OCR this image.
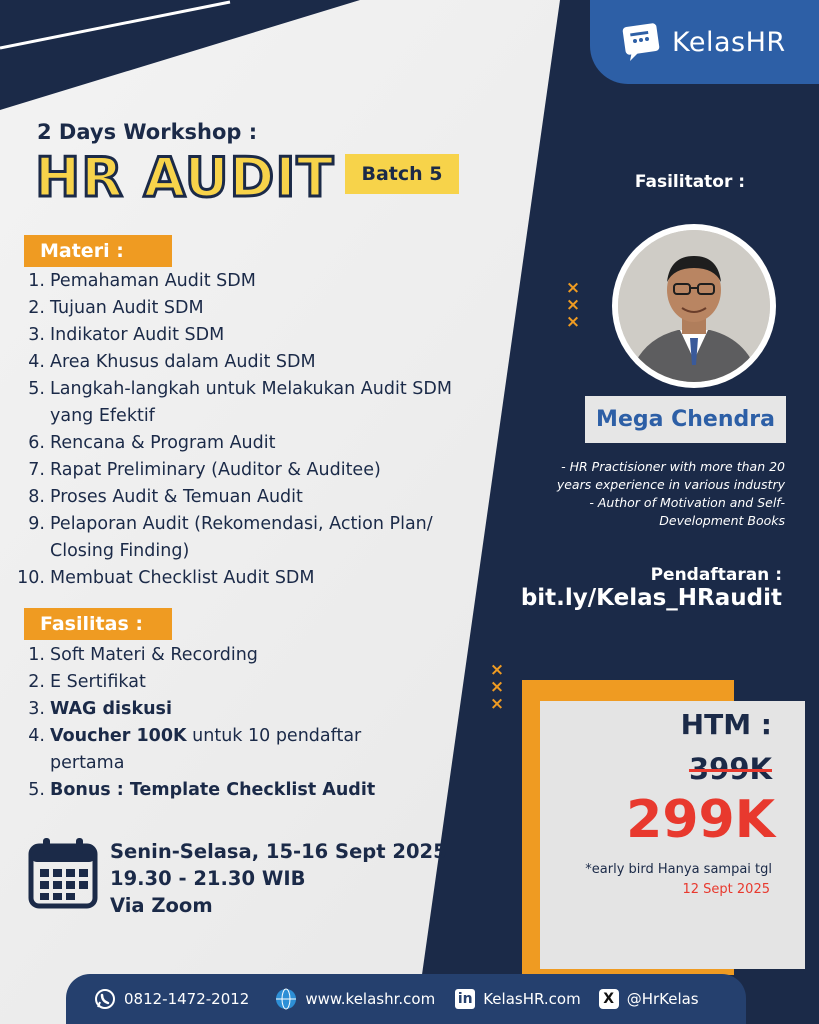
KelasHR
2 Days Workshop :
HR AUDIT	Batch 5
Materi :
1. Pemahaman Audit SDM
2. Tujuan Audit SDM
3. Indikator Audit SDM
4. Area Khusus dalam Audit SDM
5. Langkah-langkah untuk Melakukan Audit SDM
yang Efektif
6. Rencana & Program Audit
7. Rapat Preliminary (Auditor & Auditee)
8. Proses Audit & Temuan Audit
9. Pelaporan Audit (Rekomendasi, Action Plan/
Closing Finding)
10. Membuat Checklist Audit SDM
Fasilitas :
1. Soft Materi & Recording
2. E Sertifikat
3. WAG diskusi
4. Voucher 100K untuk 10 pendaftar
pertama
5. Bonus : Template Checklist Audit
Senin-Selasa, 15-16 Sept 2025
19.30 - 21.30 WIB
Via Zoom
Fasilitator :
Mega Chendra
- HR Practisioner with more than 20
years experience in various industry
- Author of Motivation and Self-
Development Books
Pendaftaran :
bit.ly/Kelas_HRaudit
×
×
×
×
×
×
HTM :
399K
299K
*early bird Hanya sampai tgl
12 Sept 2025
0812-1472-2012	www.kelashr.com in KelasHR.com	X @HrKelas
